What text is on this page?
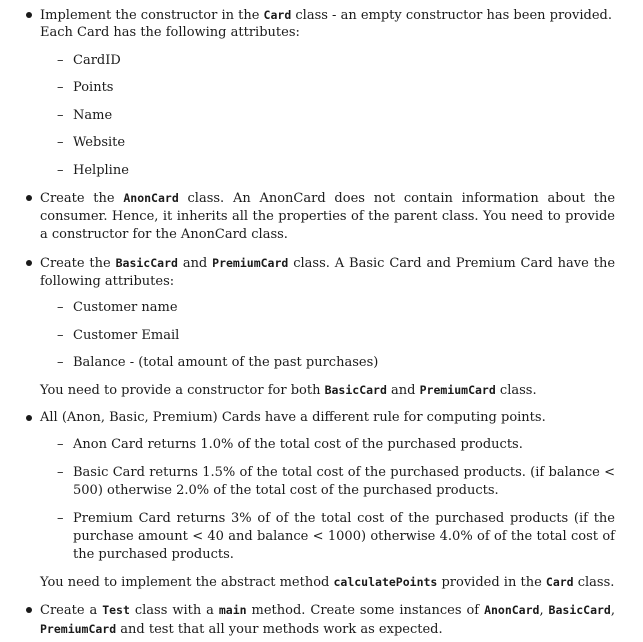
Implement the constructor in the Card class - an empty constructor has been provided.
Each Card has the following attributes:
– CardID
– Points
– Name
– Website
– Helpline
Create the AnonCard class. An AnonCard does not contain information about the consumer. Hence, it inherits all the properties of the parent class. You need to provide a constructor for the AnonCard class.
Create the BasicCard and PremiumCard class. A Basic Card and Premium Card have the following attributes:
– Customer name
– Customer Email
– Balance - (total amount of the past purchases)
You need to provide a constructor for both BasicCard and PremiumCard class.
All (Anon, Basic, Premium) Cards have a different rule for computing points.
– Anon Card returns 1.0% of the total cost of the purchased products.
– Basic Card returns 1.5% of the total cost of the purchased products. (if balance < 500) otherwise 2.0% of the total cost of the purchased products.
– Premium Card returns 3% of of the total cost of the purchased products (if the purchase amount < 40 and balance < 1000) otherwise 4.0% of of the total cost of the purchased products.
You need to implement the abstract method calculatePoints provided in the Card class.
Create a Test class with a main method. Create some instances of AnonCard, BasicCard, PremiumCard and test that all your methods work as expected.
